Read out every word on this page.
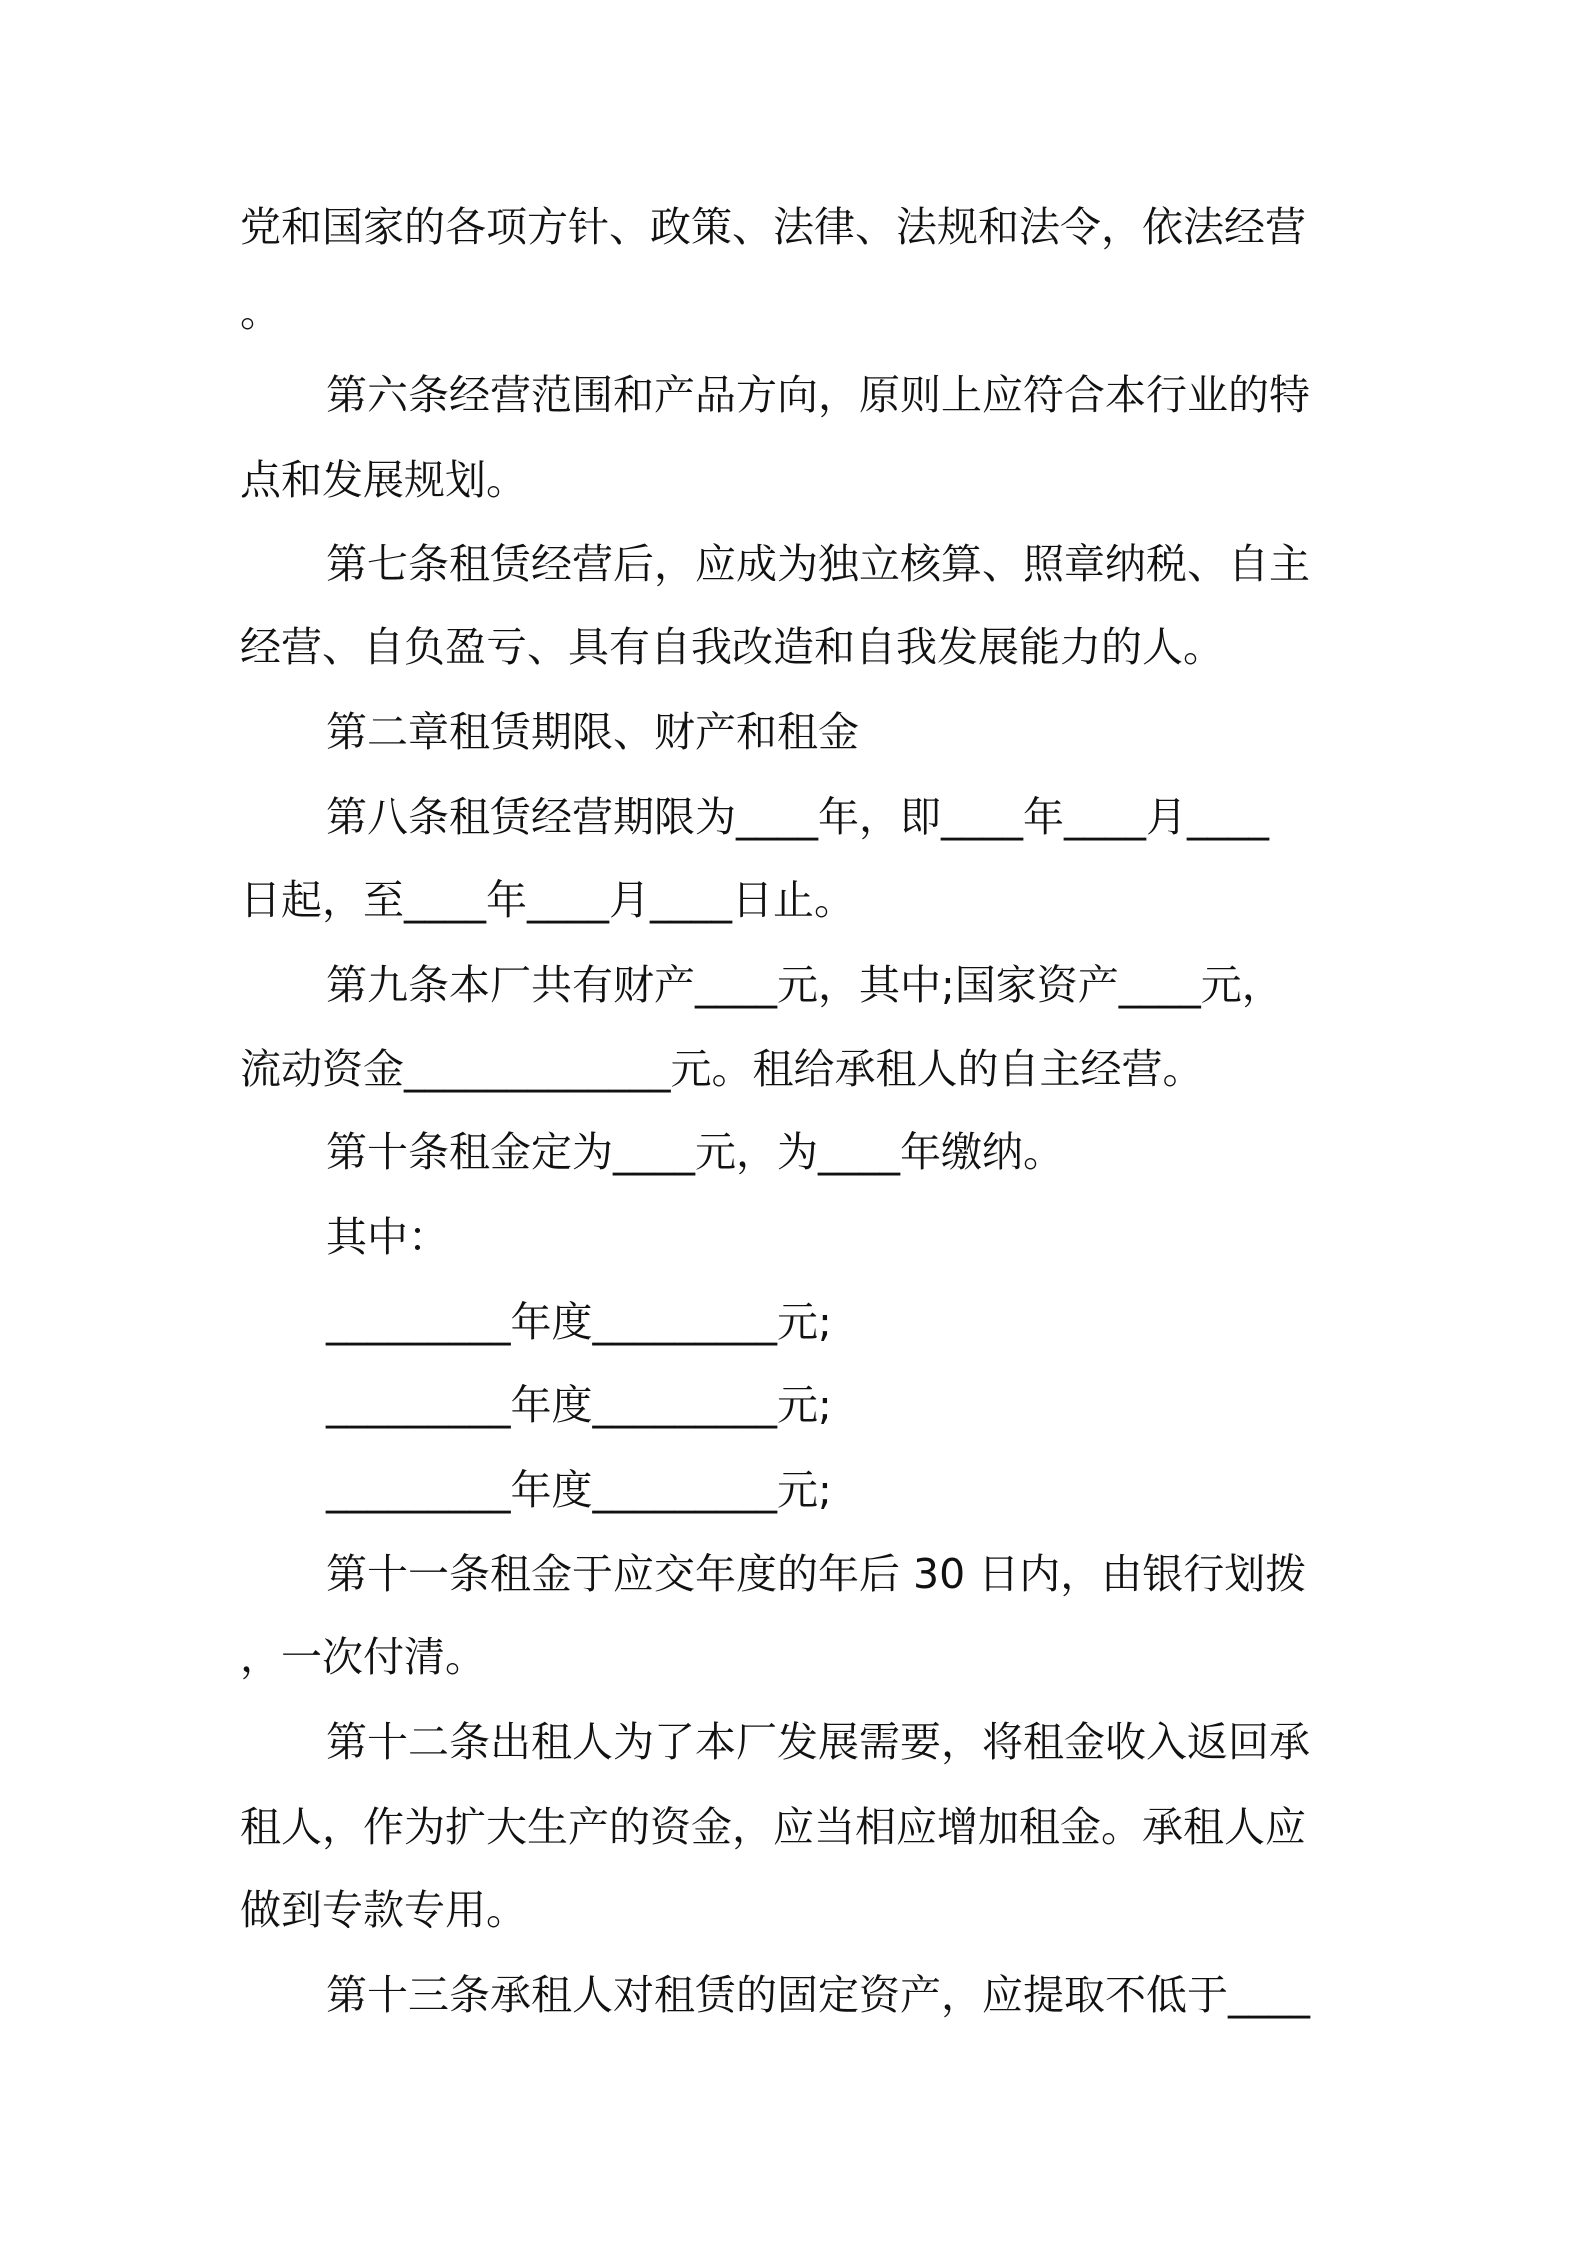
党和国家的各项方针、政策、法律、法规和法令，依法经营
。
第六条经营范围和产品方向，原则上应符合本行业的特
点和发展规划。
第七条租赁经营后，应成为独立核算、照章纳税、自主
经营、自负盈亏、具有自我改造和自我发展能力的人。
第二章租赁期限、财产和租金
第八条租赁经营期限为____年，即____年____月____
日起，至____年____月____日止。
第九条本厂共有财产____元，其中;国家资产____元，
流动资金_____________元。租给承租人的自主经营。
第十条租金定为____元，为____年缴纳。
其中：
_________年度_________元;
_________年度_________元;
_________年度_________元;
第十一条租金于应交年度的年后 30 日内，由银行划拨
，一次付清。
第十二条出租人为了本厂发展需要，将租金收入返回承
租人，作为扩大生产的资金，应当相应增加租金。承租人应
做到专款专用。
第十三条承租人对租赁的固定资产，应提取不低于____
